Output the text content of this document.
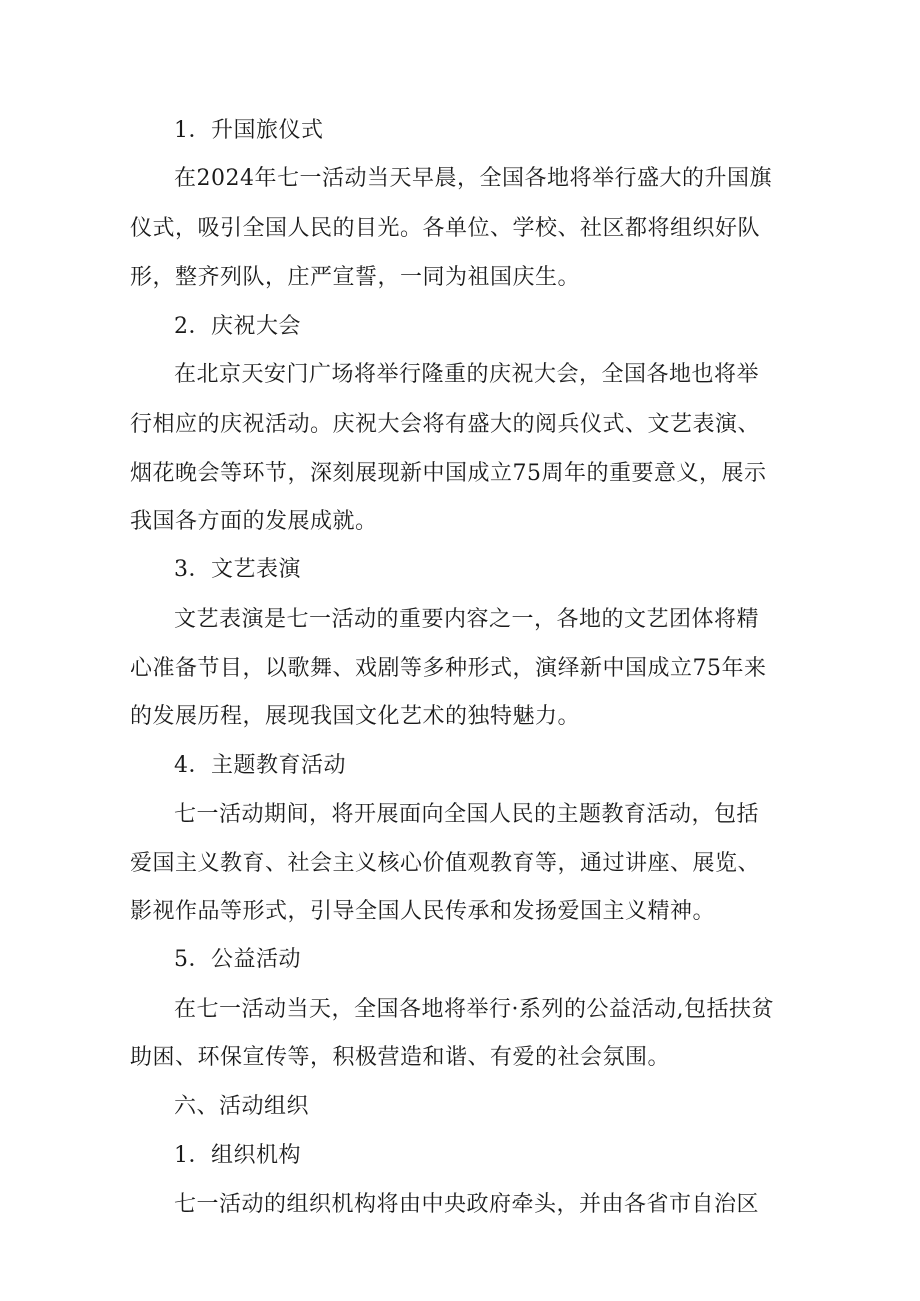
1．升国旅仪式
在2024年七一活动当天早晨，全国各地将举行盛大的升国旗
仪式，吸引全国人民的目光。各单位、学校、社区都将组织好队
形，整齐列队，庄严宣誓，一同为祖国庆生。
2．庆祝大会
在北京天安门广场将举行隆重的庆祝大会，全国各地也将举
行相应的庆祝活动。庆祝大会将有盛大的阅兵仪式、文艺表演、
烟花晚会等环节，深刻展现新中国成立75周年的重要意义，展示
我国各方面的发展成就。
3．文艺表演
文艺表演是七一活动的重要内容之一，各地的文艺团体将精
心准备节目，以歌舞、戏剧等多种形式，演绎新中国成立75年来
的发展历程，展现我国文化艺术的独特魅力。
4．主题教育活动
七一活动期间，将开展面向全国人民的主题教育活动，包括
爱国主义教育、社会主义核心价值观教育等，通过讲座、展览、
影视作品等形式，引导全国人民传承和发扬爱国主义精神。
5．公益活动
在七一活动当天，全国各地将举行·系列的公益活动,包括扶贫
助困、环保宣传等，积极营造和谐、有爱的社会氛围。
六、活动组织
1．组织机构
七一活动的组织机构将由中央政府牵头，并由各省市自治区
